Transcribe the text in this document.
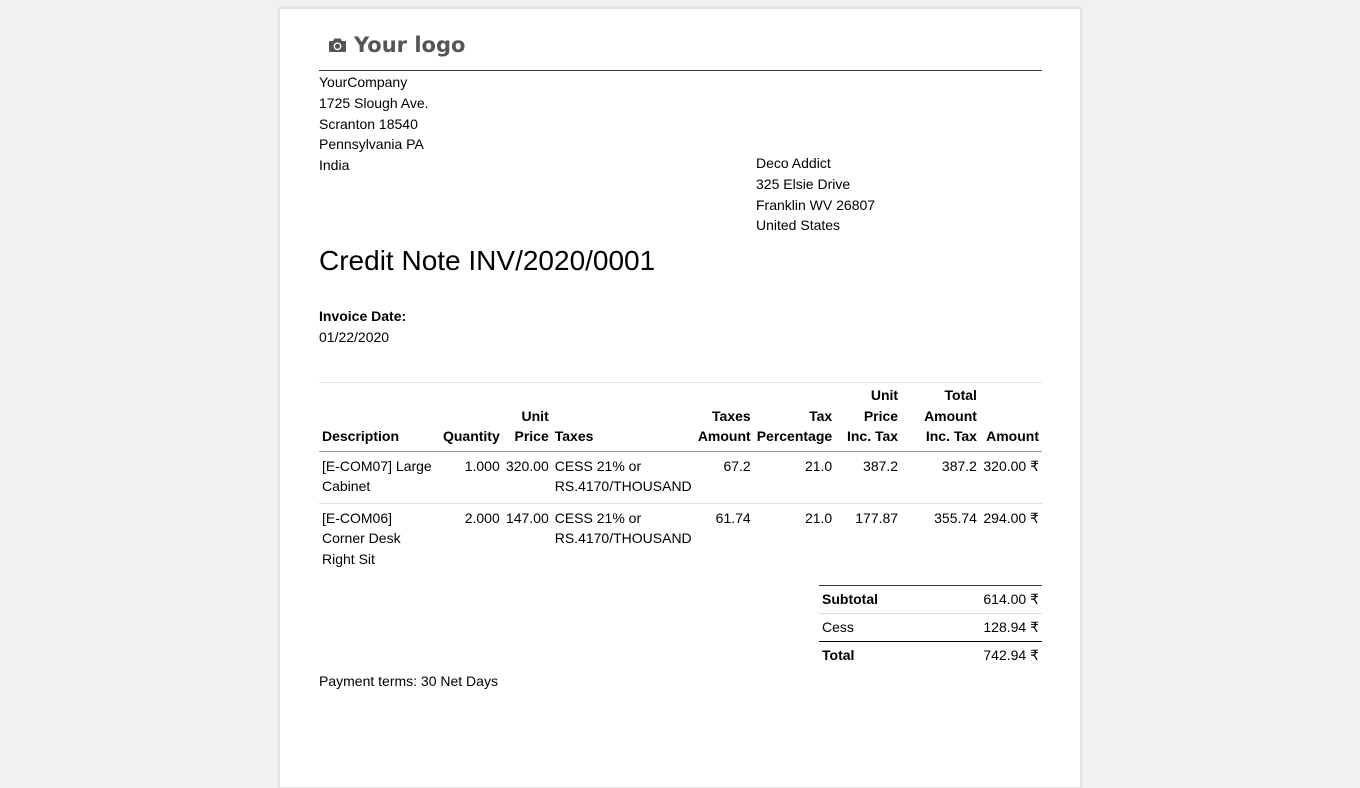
Your logo
YourCompany
1725 Slough Ave.
Scranton 18540
Pennsylvania PA
India	Deco Addict
325 Elsie Drive
Franklin WV 26807
United States
Credit Note INV/2020/0001
Invoice Date:
01/22/2020
Description	Quantity	Unit Price	Taxes	Taxes Amount	Tax Percentage	Unit Price Inc. Tax	Total Amount Inc. Tax	Amount
[E-COM07] Large Cabinet	1.000	320.00	CESS 21% or RS.4170/THOUSAND	67.2	21.0	387.2	387.2	320.00 ₹
[E-COM06] Corner Desk Right Sit	2.000	147.00	CESS 21% or RS.4170/THOUSAND	61.74	21.0	177.87	355.74	294.00 ₹
Subtotal	614.00 ₹
Cess	128.94 ₹
Total	742.94 ₹
Payment terms: 30 Net Days
